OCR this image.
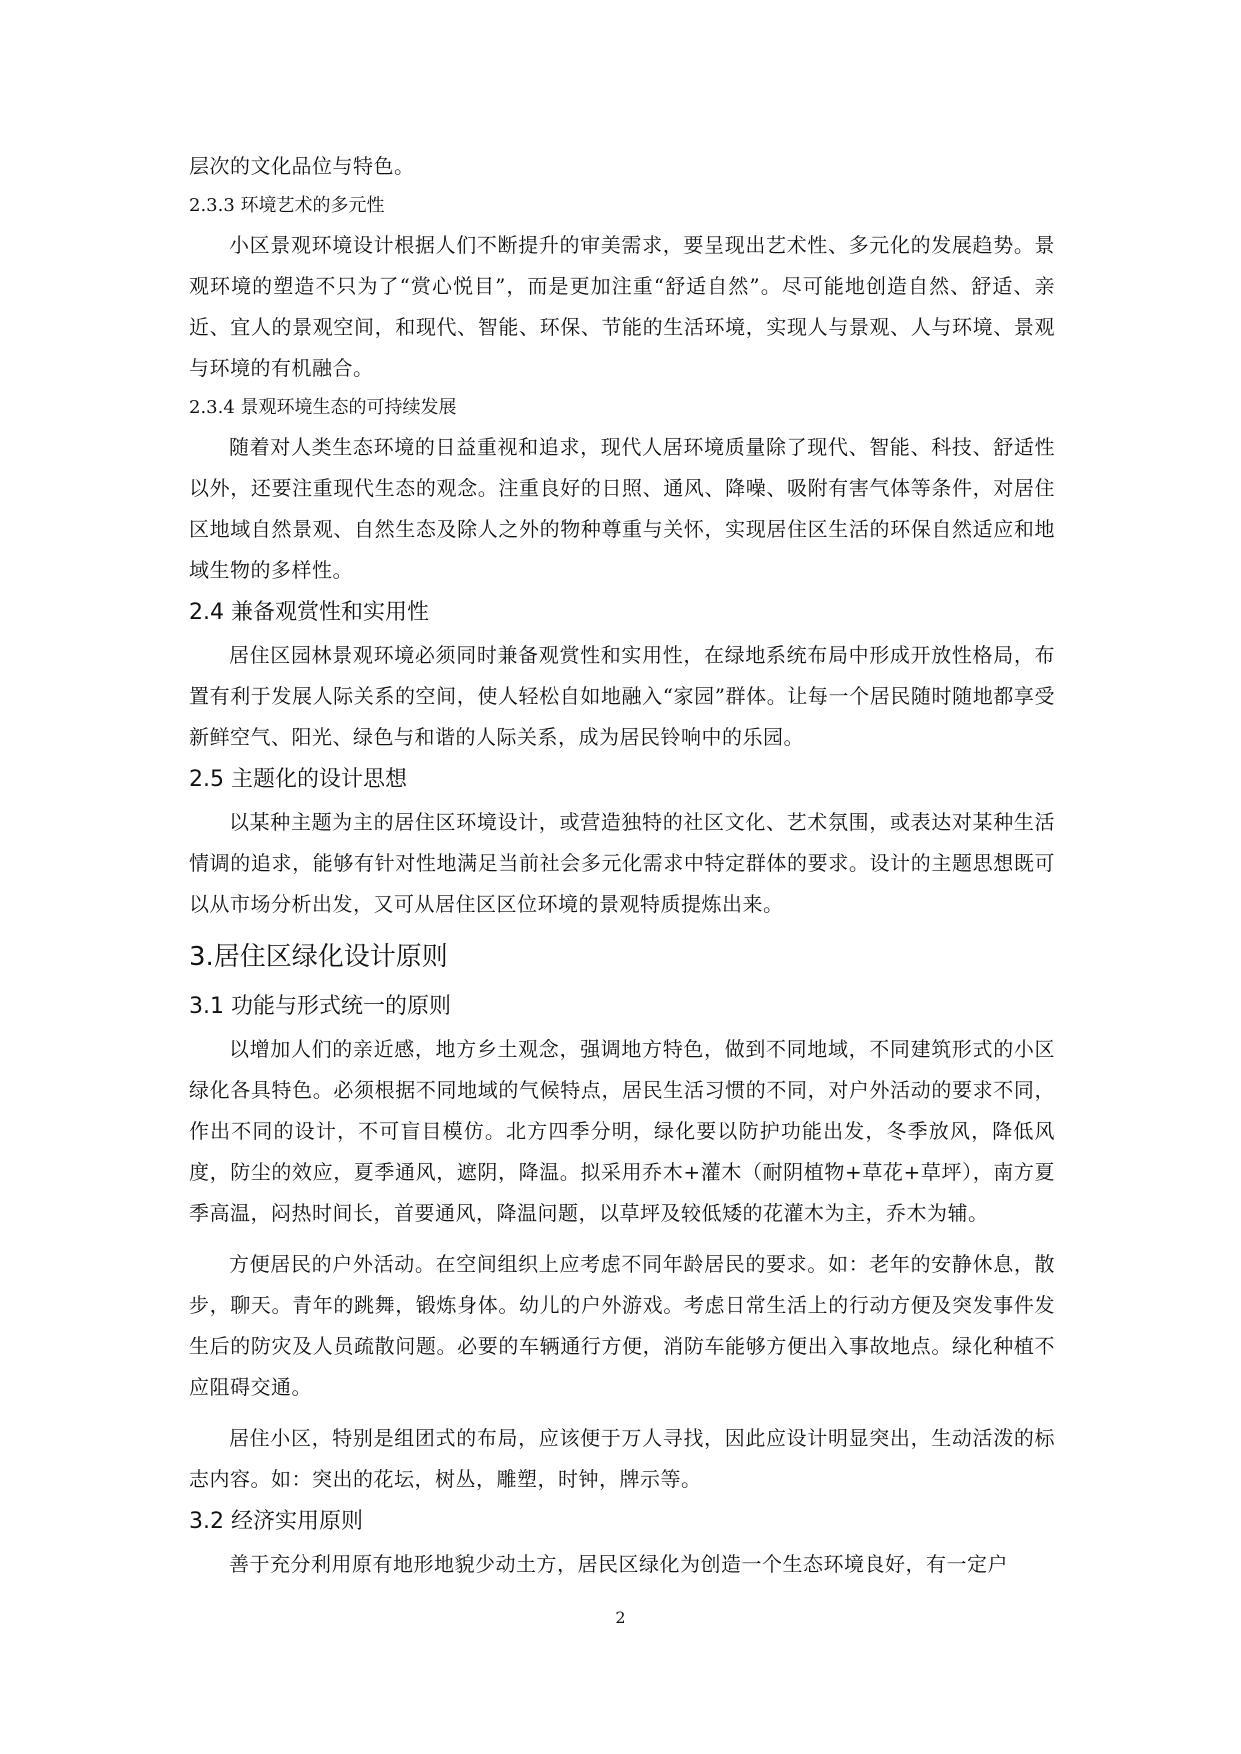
层次的文化品位与特色。

2.3.3 环境艺术的多元性

小区景观环境设计根据人们不断提升的审美需求，要呈现出艺术性、多元化的发展趋势。景观环境的塑造不只为了“赏心悦目”，而是更加注重“舒适自然”。尽可能地创造自然、舒适、亲近、宜人的景观空间，和现代、智能、环保、节能的生活环境，实现人与景观、人与环境、景观与环境的有机融合。

2.3.4 景观环境生态的可持续发展

随着对人类生态环境的日益重视和追求，现代人居环境质量除了现代、智能、科技、舒适性以外，还要注重现代生态的观念。注重良好的日照、通风、降噪、吸附有害气体等条件，对居住区地域自然景观、自然生态及除人之外的物种尊重与关怀，实现居住区生活的环保自然适应和地域生物的多样性。

2.4 兼备观赏性和实用性

居住区园林景观环境必须同时兼备观赏性和实用性，在绿地系统布局中形成开放性格局，布置有利于发展人际关系的空间，使人轻松自如地融入“家园”群体。让每一个居民随时随地都享受新鲜空气、阳光、绿色与和谐的人际关系，成为居民铃响中的乐园。

2.5 主题化的设计思想

以某种主题为主的居住区环境设计，或营造独特的社区文化、艺术氛围，或表达对某种生活情调的追求，能够有针对性地满足当前社会多元化需求中特定群体的要求。设计的主题思想既可以从市场分析出发，又可从居住区区位环境的景观特质提炼出来。

3.居住区绿化设计原则

3.1 功能与形式统一的原则

以增加人们的亲近感，地方乡土观念，强调地方特色，做到不同地域，不同建筑形式的小区绿化各具特色。必须根据不同地域的气候特点，居民生活习惯的不同，对户外活动的要求不同，作出不同的设计，不可盲目模仿。北方四季分明，绿化要以防护功能出发，冬季放风，降低风度，防尘的效应，夏季通风，遮阴，降温。拟采用乔木+灌木（耐阴植物+草花+草坪），南方夏季高温，闷热时间长，首要通风，降温问题，以草坪及较低矮的花灌木为主，乔木为辅。

方便居民的户外活动。在空间组织上应考虑不同年龄居民的要求。如：老年的安静休息，散步，聊天。青年的跳舞，锻炼身体。幼儿的户外游戏。考虑日常生活上的行动方便及突发事件发生后的防灾及人员疏散问题。必要的车辆通行方便，消防车能够方便出入事故地点。绿化种植不应阻碍交通。

居住小区，特别是组团式的布局，应该便于万人寻找，因此应设计明显突出，生动活泼的标志内容。如：突出的花坛，树丛，雕塑，时钟，牌示等。

3.2 经济实用原则

善于充分利用原有地形地貌少动土方，居民区绿化为创造一个生态环境良好，有一定户

2
